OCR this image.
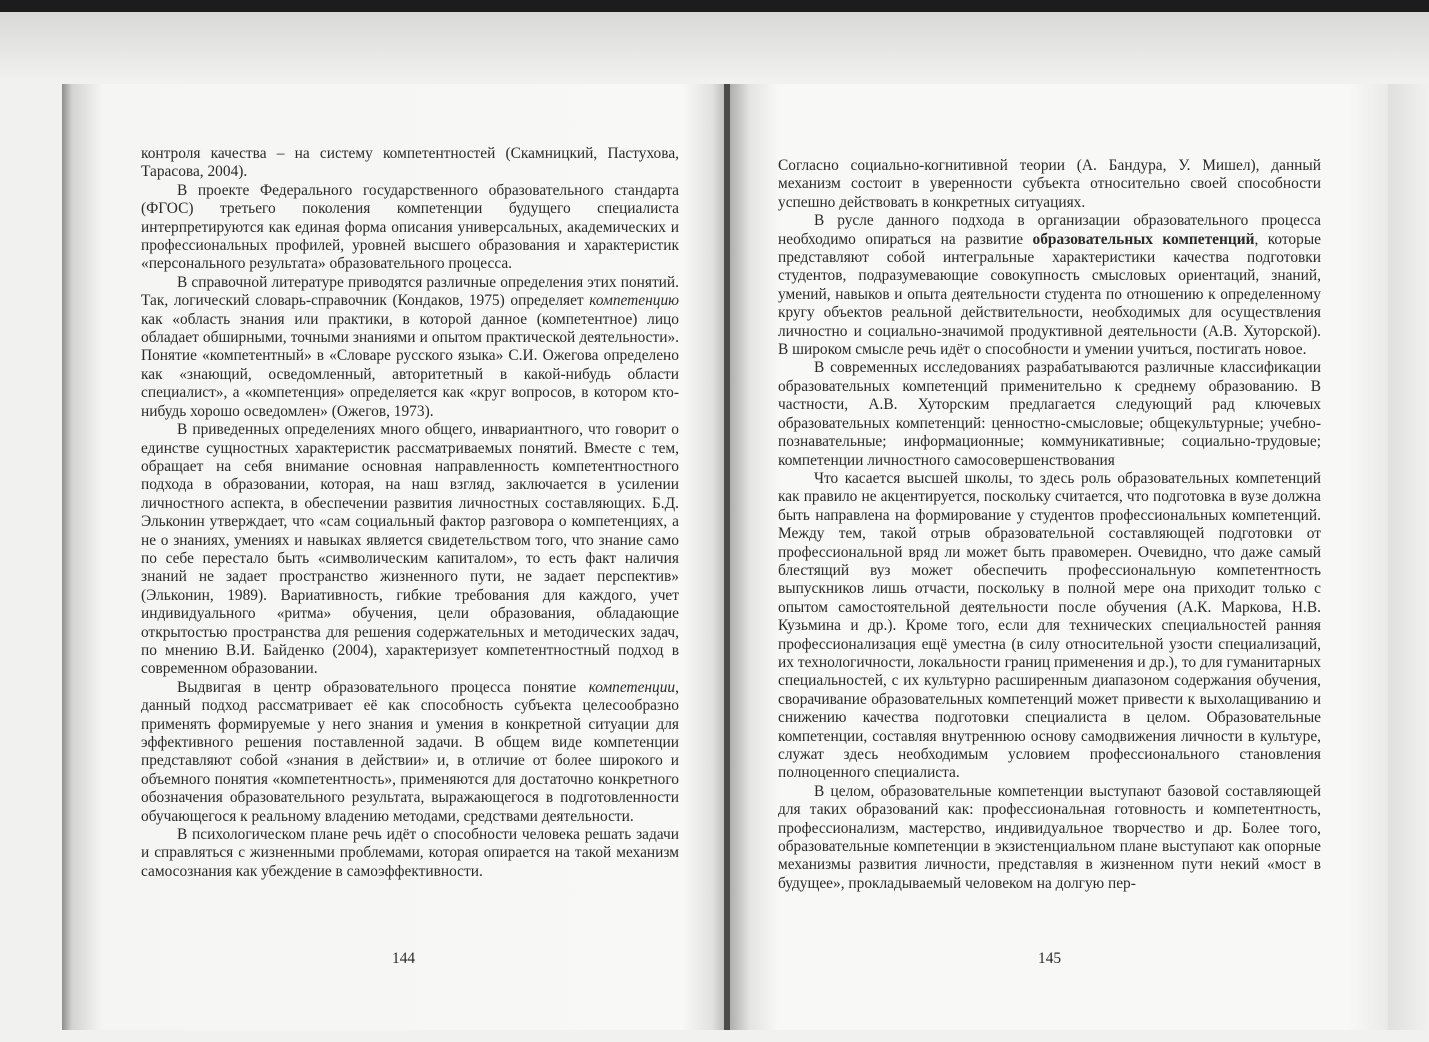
контроля качества – на систему компетентностей (Скамницкий, Пастухова, Тарасова, 2004).

В проекте Федерального государственного образовательного стандарта (ФГОС) третьего поколения компетенции будущего специалиста интерпретируются как единая форма описания универсальных, академических и профессиональных профилей, уровней высшего образования и характеристик «персонального результата» образовательного процесса.

В справочной литературе приводятся различные определения этих понятий. Так, логический словарь-справочник (Кондаков, 1975) определяет компетенцию как «область знания или практики, в которой данное (компетентное) лицо обладает обширными, точными знаниями и опытом практической деятельности». Понятие «компетентный» в «Словаре русского языка» С.И. Ожегова определено как «знающий, осведомленный, авторитетный в какой-нибудь области специалист», а «компетенция» определяется как «круг вопросов, в котором кто-нибудь хорошо осведомлен» (Ожегов, 1973).

В приведенных определениях много общего, инвариантного, что говорит о единстве сущностных характеристик рассматриваемых понятий. Вместе с тем, обращает на себя внимание основная направленность компетентностного подхода в образовании, которая, на наш взгляд, заключается в усилении личностного аспекта, в обеспечении развития личностных составляющих. Б.Д. Эльконин утверждает, что «сам социальный фактор разговора о компетенциях, а не о знаниях, умениях и навыках является свидетельством того, что знание само по себе перестало быть «символическим капиталом», то есть факт наличия знаний не задает пространство жизненного пути, не задает перспектив» (Эльконин, 1989). Вариативность, гибкие требования для каждого, учет индивидуального «ритма» обучения, цели образования, обладающие открытостью пространства для решения содержательных и методических задач, по мнению В.И. Байденко (2004), характеризует компетентностный подход в современном образовании.

Выдвигая в центр образовательного процесса понятие компетенции, данный подход рассматривает её как способность субъекта целесообразно применять формируемые у него знания и умения в конкретной ситуации для эффективного решения поставленной задачи. В общем виде компетенции представляют собой «знания в действии» и, в отличие от более широкого и объемного понятия «компетентность», применяются для достаточно конкретного обозначения образовательного результата, выражающегося в подготовленности обучающегося к реальному владению методами, средствами деятельности.

В психологическом плане речь идёт о способности человека решать задачи и справляться с жизненными проблемами, которая опирается на такой механизм самосознания как убеждение в самоэффективности.

Согласно социально-когнитивной теории (А. Бандура, У. Мишел), данный механизм состоит в уверенности субъекта относительно своей способности успешно действовать в конкретных ситуациях.

В русле данного подхода в организации образовательного процесса необходимо опираться на развитие образовательных компетенций, которые представляют собой интегральные характеристики качества подготовки студентов, подразумевающие совокупность смысловых ориентаций, знаний, умений, навыков и опыта деятельности студента по отношению к определенному кругу объектов реальной действительности, необходимых для осуществления личностно и социально-значимой продуктивной деятельности (А.В. Хуторской). В широком смысле речь идёт о способности и умении учиться, постигать новое.

В современных исследованиях разрабатываются различные классификации образовательных компетенций применительно к среднему образованию. В частности, А.В. Хуторским предлагается следующий рад ключевых образовательных компетенций: ценностно-смысловые; общекультурные; учебно-познавательные; информационные; коммуникативные; социально-трудовые; компетенции личностного самосовершенствования

Что касается высшей школы, то здесь роль образовательных компетенций как правило не акцентируется, поскольку считается, что подготовка в вузе должна быть направлена на формирование у студентов профессиональных компетенций. Между тем, такой отрыв образовательной составляющей подготовки от профессиональной вряд ли может быть правомерен. Очевидно, что даже самый блестящий вуз может обеспечить профессиональную компетентность выпускников лишь отчасти, поскольку в полной мере она приходит только с опытом самостоятельной деятельности после обучения (А.К. Маркова, Н.В. Кузьмина и др.). Кроме того, если для технических специальностей ранняя профессионализация ещё уместна (в силу относительной узости специализаций, их технологичности, локальности границ применения и др.), то для гуманитарных специальностей, с их культурно расширенным диапазоном содержания обучения, сворачивание образовательных компетенций может привести к выхолащиванию и снижению качества подготовки специалиста в целом. Образовательные компетенции, составляя внутреннюю основу самодвижения личности в культуре, служат здесь необходимым условием профессионального становления полноценного специалиста.

В целом, образовательные компетенции выступают базовой составляющей для таких образований как: профессиональная готовность и компетентность, профессионализм, мастерство, индивидуальное творчество и др. Более того, образовательные компетенции в экзистенциальном плане выступают как опорные механизмы развития личности, представляя в жизненном пути некий «мост в будущее», прокладываемый человеком на долгую пер-

144	145
